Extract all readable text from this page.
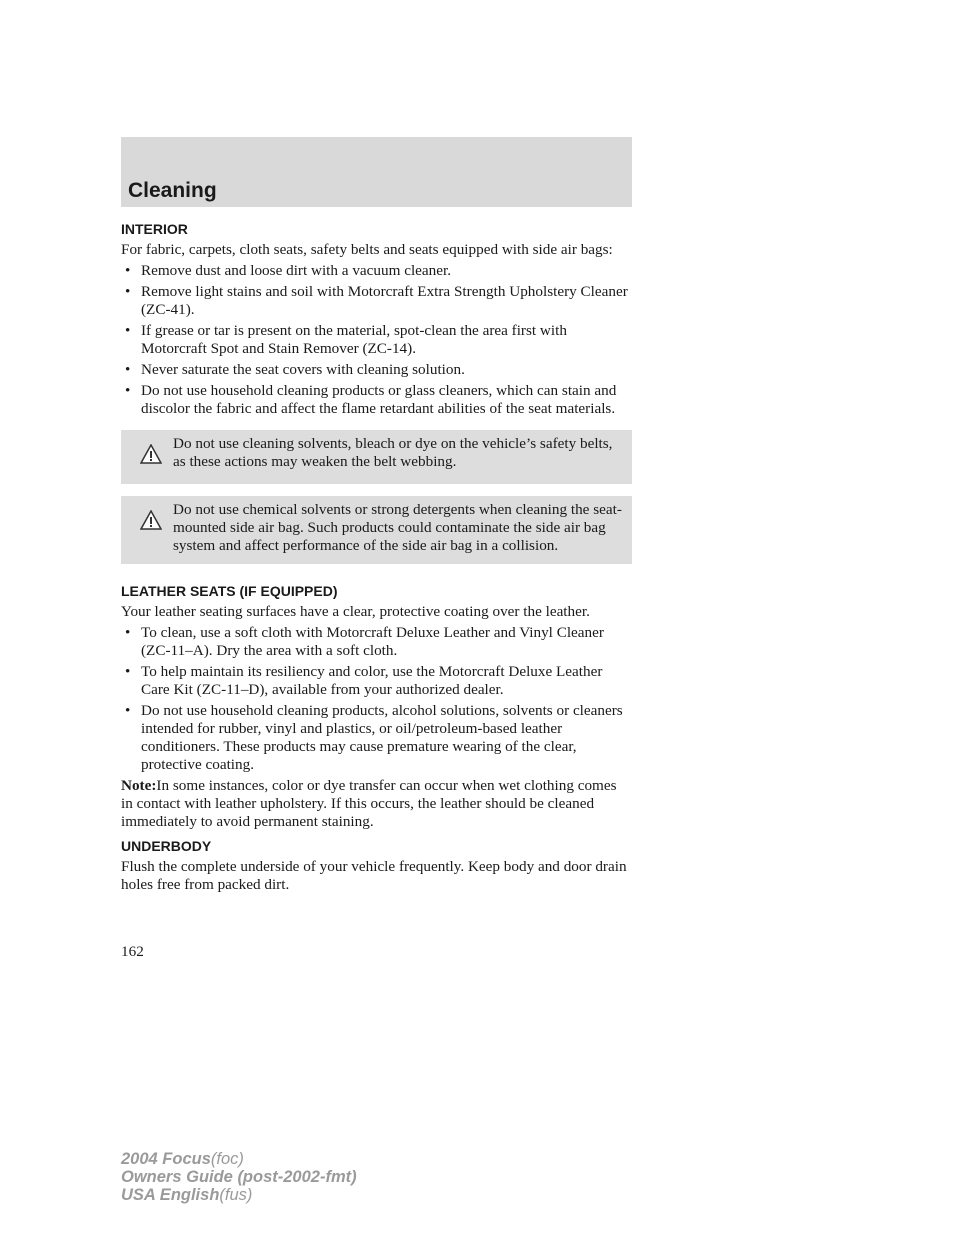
Cleaning
INTERIOR

For fabric, carpets, cloth seats, safety belts and seats equipped with side air bags:

• Remove dust and loose dirt with a vacuum cleaner.
• Remove light stains and soil with Motorcraft Extra Strength Upholstery Cleaner (ZC-41).
• If grease or tar is present on the material, spot-clean the area first with Motorcraft Spot and Stain Remover (ZC-14).
• Never saturate the seat covers with cleaning solution.
• Do not use household cleaning products or glass cleaners, which can stain and discolor the fabric and affect the flame retardant abilities of the seat materials.

Do not use cleaning solvents, bleach or dye on the vehicle’s safety belts, as these actions may weaken the belt webbing.

Do not use chemical solvents or strong detergents when cleaning the seat-mounted side air bag. Such products could contaminate the side air bag system and affect performance of the side air bag in a collision.

LEATHER SEATS (IF EQUIPPED)

Your leather seating surfaces have a clear, protective coating over the leather.

• To clean, use a soft cloth with Motorcraft Deluxe Leather and Vinyl Cleaner (ZC-11–A). Dry the area with a soft cloth.
• To help maintain its resiliency and color, use the Motorcraft Deluxe Leather Care Kit (ZC-11–D), available from your authorized dealer.
• Do not use household cleaning products, alcohol solutions, solvents or cleaners intended for rubber, vinyl and plastics, or oil/petroleum-based leather conditioners. These products may cause premature wearing of the clear, protective coating.

Note:In some instances, color or dye transfer can occur when wet clothing comes in contact with leather upholstery. If this occurs, the leather should be cleaned immediately to avoid permanent staining.

UNDERBODY

Flush the complete underside of your vehicle frequently. Keep body and door drain holes free from packed dirt.

162
2004 Focus(foc)
Owners Guide (post-2002-fmt)
USA English(fus)
